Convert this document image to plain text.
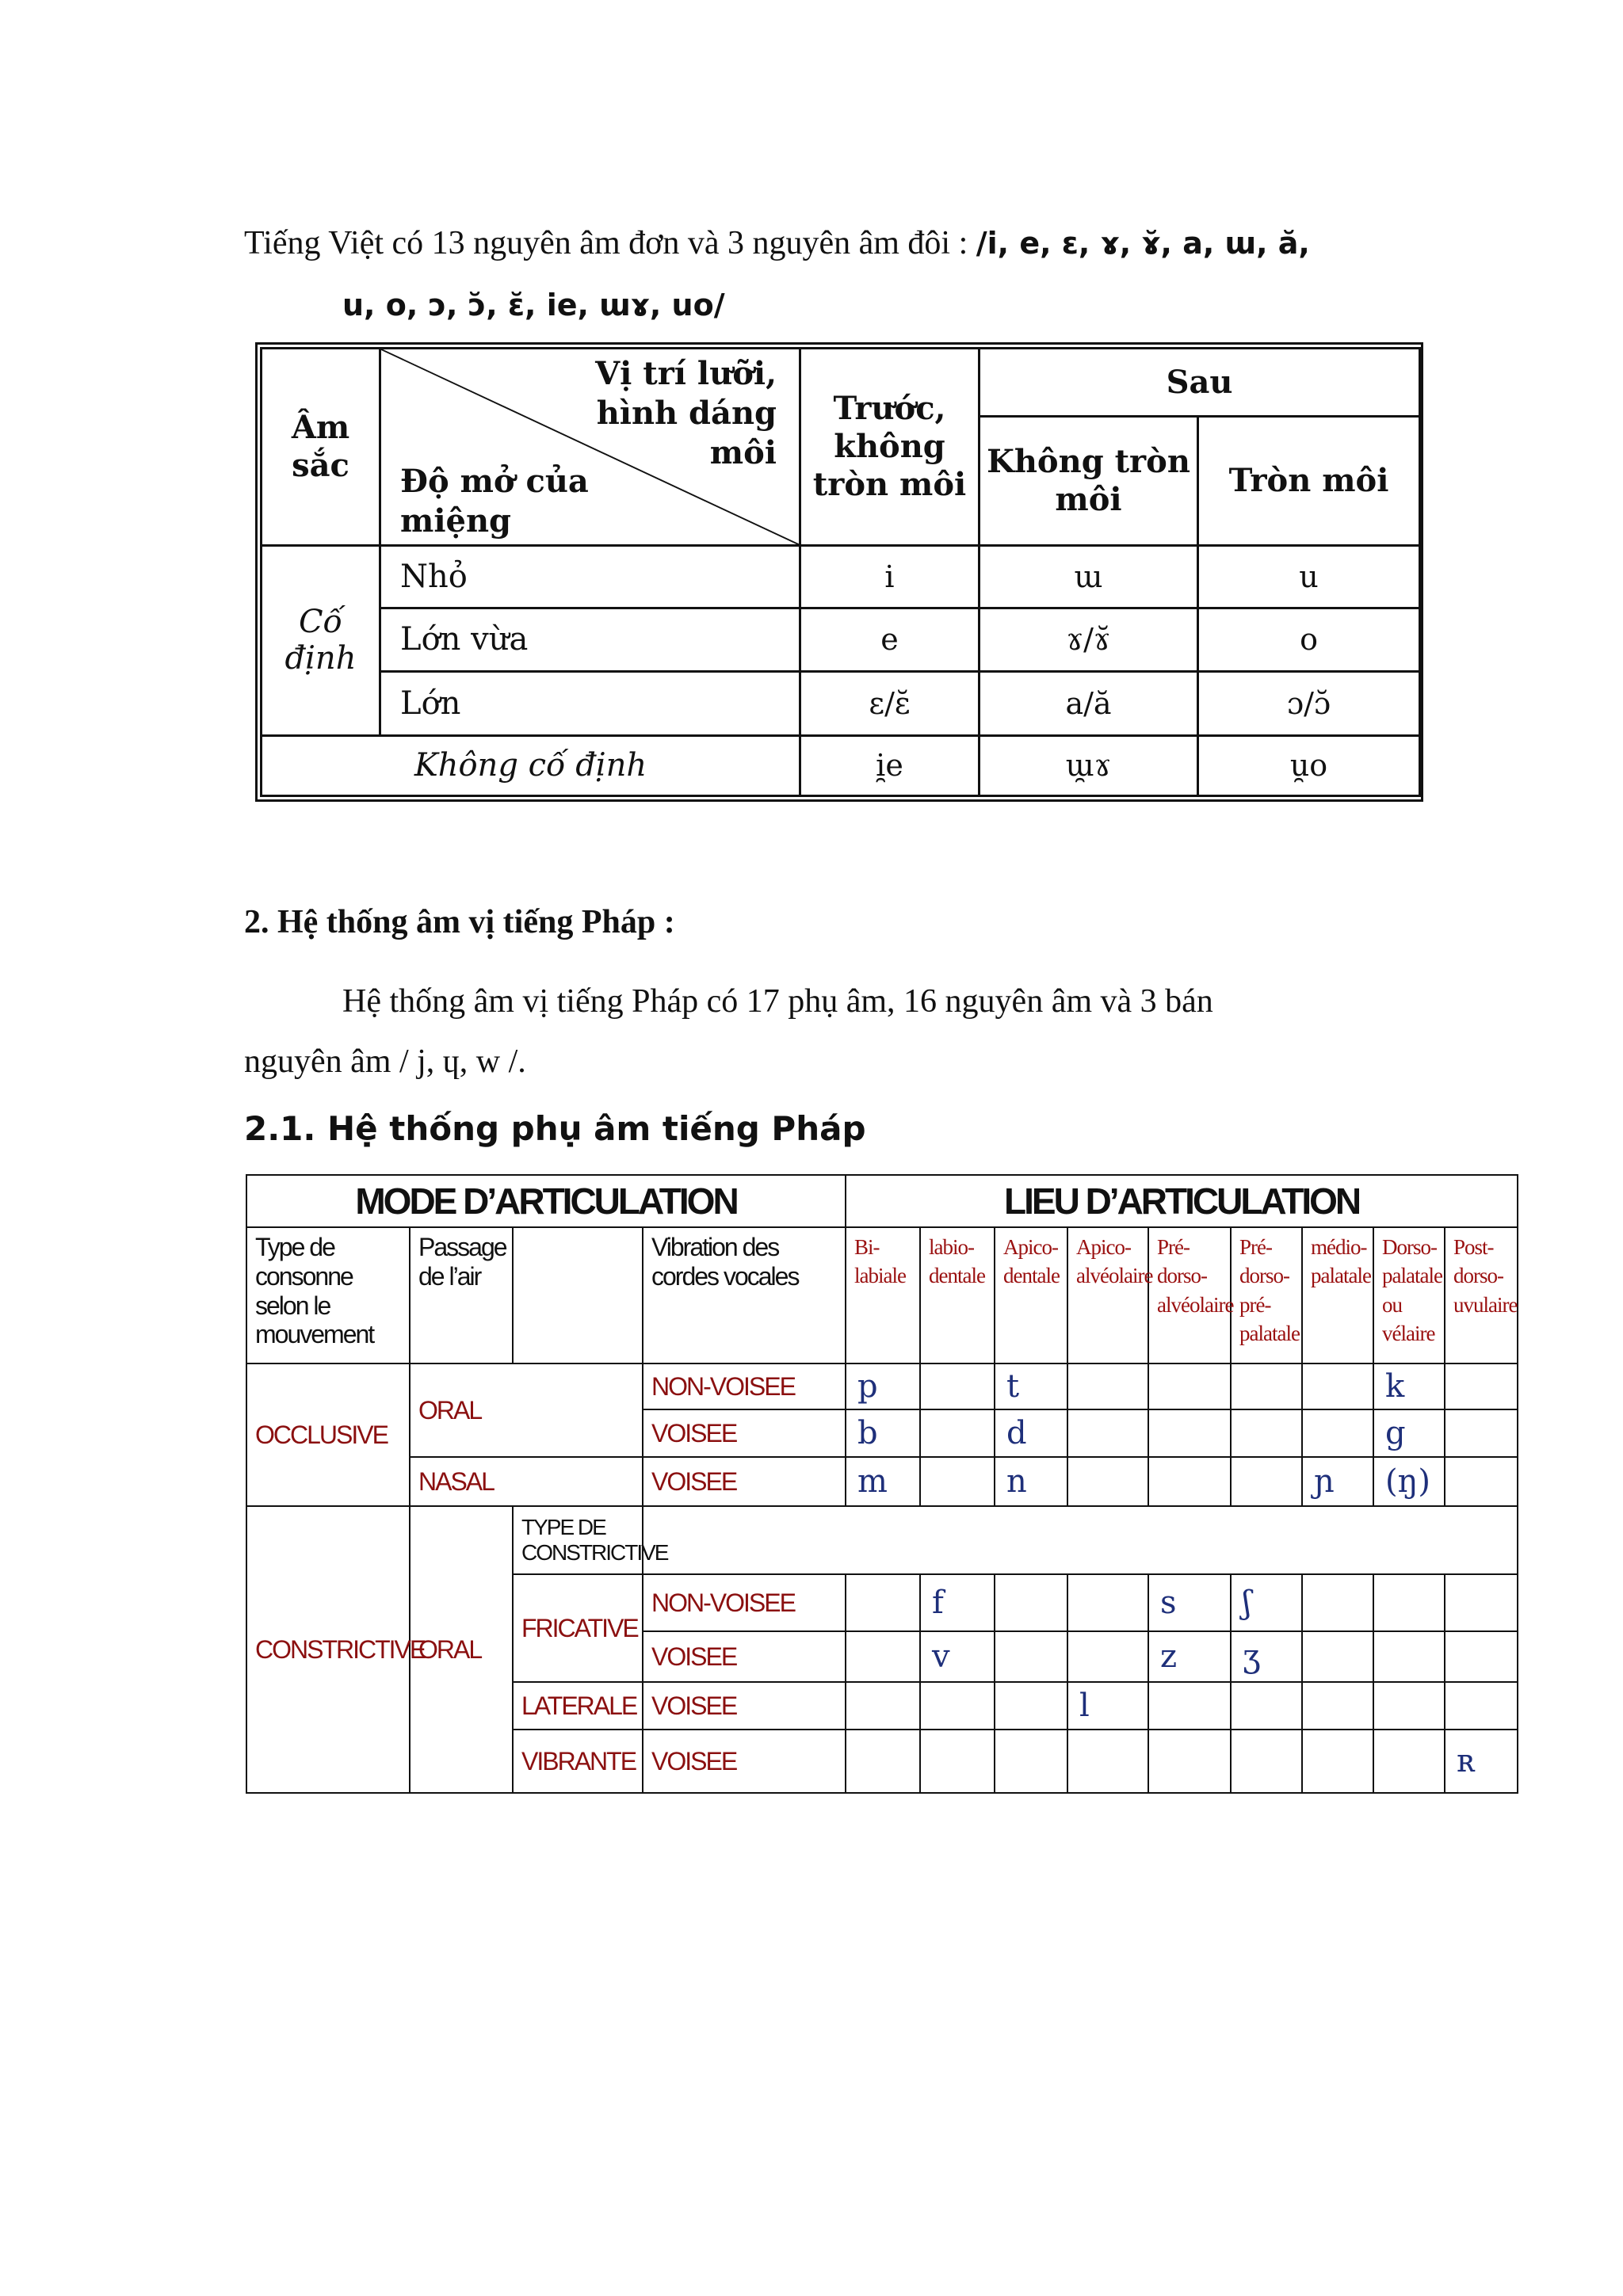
Tiếng Việt có 13 nguyên âm đơn và 3 nguyên âm đôi : /i, e, ɛ, ɤ, ɤ̆, a, ɯ, ă,
u, o, ɔ, ɔ̆, ɛ̆, ie, ɯɤ, uo/
Âm sắc	Vị trí lưỡi, hình dáng môi
Độ mở của miệng	Trước, không tròn môi	Sau	
			Không tròn môi	Tròn môi
Cố định	Nhỏ	i	ɯ	u
	Lớn vừa	e	ɤ/ɤ̆	o
	Lớn	ɛ/ɛ̆	a/ă	ɔ/ɔ̆
Không cố định		i̯e	ɯ̯ɤ	u̯o
2. Hệ thống âm vị tiếng Pháp :
Hệ thống âm vị tiếng Pháp có 17 phụ âm, 16 nguyên âm và 3 bán
nguyên âm / j, ɥ, w /.
2.1. Hệ thống phụ âm tiếng Pháp
MODE D’ARTICULATION				LIEU D’ARTICULATION								
Type de consonne selon le mouvement	Passage de l’air		Vibration des cordes vocales	Bi-labiale	labio-dentale	Apico-dentale	Apico-alvéolaire	Pré-dorso-alvéolaire	Pré-dorso-pré-palatale	médio-palatale	Dorso-palatale ou vélaire	Post-dorso-uvulaire
OCCLUSIVE	ORAL		NON-VOISEE	p		t					k	
			VOISEE	b		d					g	
	NASAL		VOISEE	m		n				ɲ	(ŋ)	
CONSTRICTIVE	ORAL	TYPE DE CONSTRICTIVE										
		FRICATIVE	NON-VOISEE		f			s	ʃ			
			VOISEE		v			z	ʒ			
		LATERALE	VOISEE				l					
		VIBRANTE	VOISEE									ʀ
